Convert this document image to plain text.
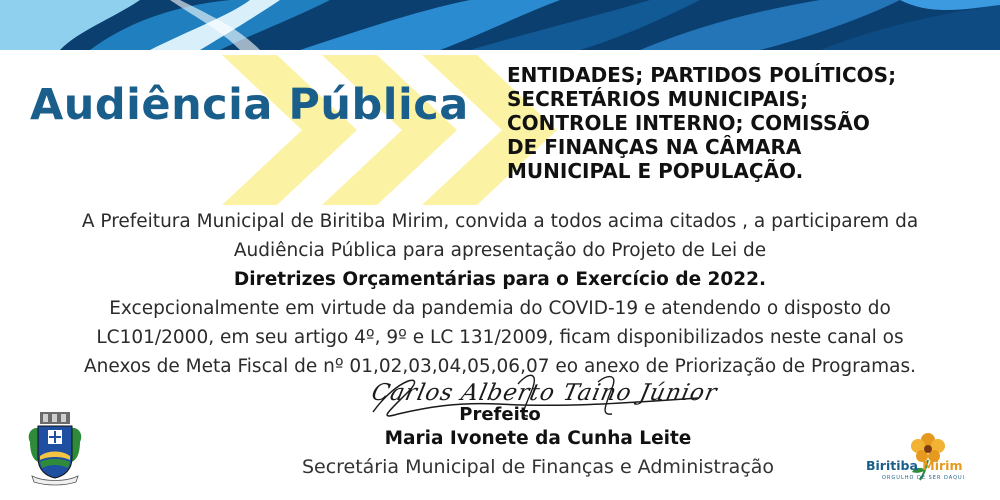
Audiência Pública
ENTIDADES; PARTIDOS POLÍTICOS;
SECRETÁRIOS MUNICIPAIS;
CONTROLE INTERNO; COMISSÃO
DE FINANÇAS NA CÂMARA
MUNICIPAL E POPULAÇÃO.
A Prefeitura Municipal de Biritiba Mirim, convida a todos acima citados , a participarem da
Audiência Pública para apresentação do Projeto de Lei de
Diretrizes Orçamentárias para o Exercício de 2022.
Excepcionalmente em virtude da pandemia do COVID-19 e atendendo o disposto do
LC101/2000, em seu artigo 4º, 9º e LC 131/2009, ficam disponibilizados neste canal os
Anexos de Meta Fiscal de nº 01,02,03,04,05,06,07 eo anexo de Priorização de Programas.
Carlos Alberto Taino Júnior
Prefeito
Maria Ivonete da Cunha Leite
Secretária Municipal de Finanças e Administração	Biritiba Mirim
ORGULHO DE SER DAQUI
